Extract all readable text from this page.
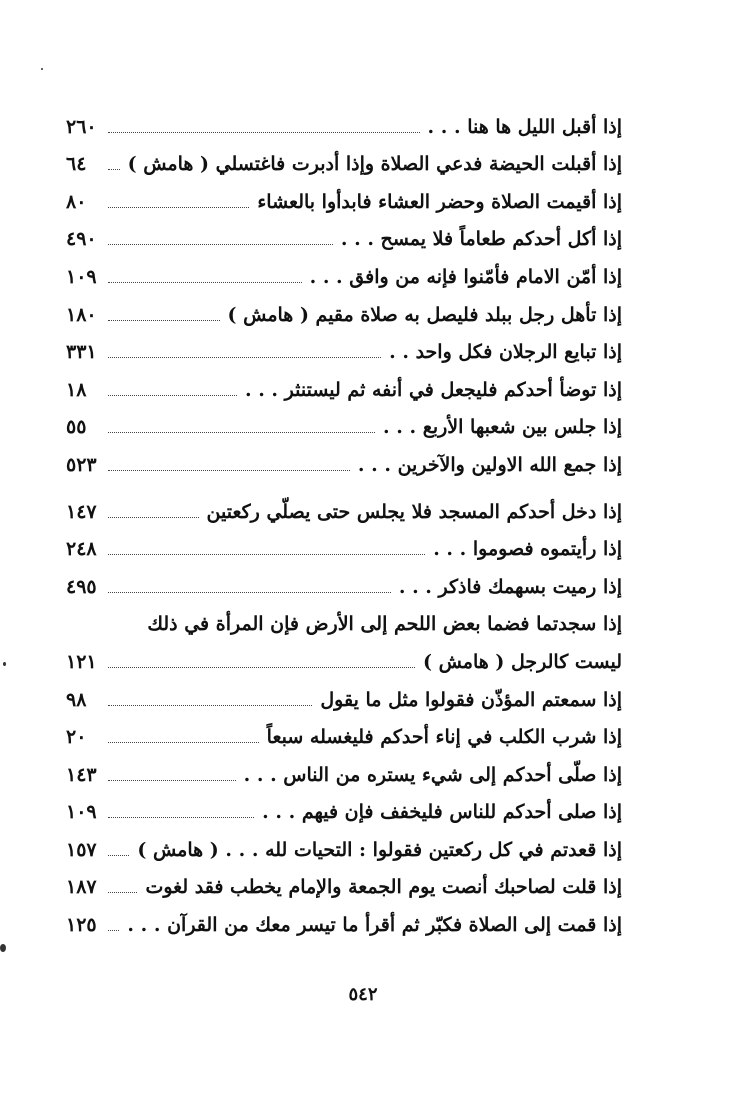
٢٦٠	إذا أقبل الليل ها هنا . . .
٦٤	إذا أقبلت الحيضة فدعي الصلاة وإذا أدبرت فاغتسلي ( هامش )
٨٠	إذا أقيمت الصلاة وحضر العشاء فابدأوا بالعشاء
٤٩٠	إذا أكل أحدكم طعاماً فلا يمسح . . .
١٠٩	إذا أمّن الامام فأمّنوا فإنه من وافق . . .
١٨٠	إذا تأهل رجل ببلد فليصل به صلاة مقيم ( هامش )
٣٣١	إذا تبايع الرجلان فكل واحد . .
١٨	إذا توضأ أحدكم فليجعل في أنفه ثم ليستنثر . . .
٥٥	إذا جلس بين شعبها الأربع . . .
٥٢٣	إذا جمع الله الاولين والآخرين . . .
١٤٧	إذا دخل أحدكم المسجد فلا يجلس حتى يصلّي ركعتين
٢٤٨	إذا رأيتموه فصوموا . . .
٤٩٥	إذا رميت بسهمك فاذكر . . .
إذا سجدتما فضما بعض اللحم إلى الأرض فإن المرأة في ذلك
١٢١	ليست كالرجل ( هامش )
٩٨	إذا سمعتم المؤذّن فقولوا مثل ما يقول
٢٠	إذا شرب الكلب في إناء أحدكم فليغسله سبعاً
١٤٣	إذا صلّى أحدكم إلى شيء يستره من الناس . . .
١٠٩	إذا صلى أحدكم للناس فليخفف فإن فيهم . . .
١٥٧ إذا قعدتم في كل ركعتين فقولوا : التحيات لله . . . ( هامش )
١٨٧	إذا قلت لصاحبك أنصت يوم الجمعة والإمام يخطب فقد لغوت
١٢٥ إذا قمت إلى الصلاة فكبّر ثم أقرأ ما تيسر معك من القرآن . . .
٥٤٢
